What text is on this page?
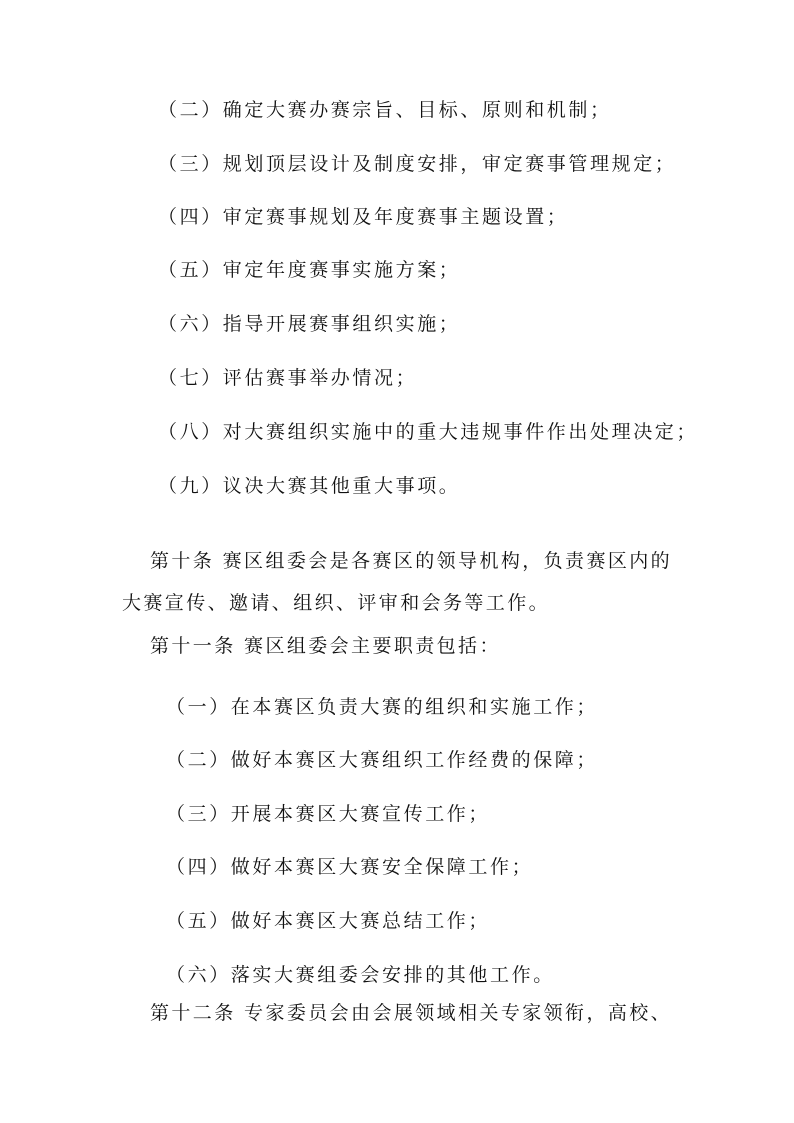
（二）确定大赛办赛宗旨、目标、原则和机制；
（三）规划顶层设计及制度安排，审定赛事管理规定；
（四）审定赛事规划及年度赛事主题设置；
（五）审定年度赛事实施方案；
（六）指导开展赛事组织实施；
（七）评估赛事举办情况；
（八）对大赛组织实施中的重大违规事件作出处理决定；
（九）议决大赛其他重大事项。
第十条 赛区组委会是各赛区的领导机构，负责赛区内的
大赛宣传、邀请、组织、评审和会务等工作。
第十一条 赛区组委会主要职责包括：
（一）在本赛区负责大赛的组织和实施工作；
（二）做好本赛区大赛组织工作经费的保障；
（三）开展本赛区大赛宣传工作；
（四）做好本赛区大赛安全保障工作；
（五）做好本赛区大赛总结工作；
（六）落实大赛组委会安排的其他工作。
第十二条 专家委员会由会展领域相关专家领衔，高校、
